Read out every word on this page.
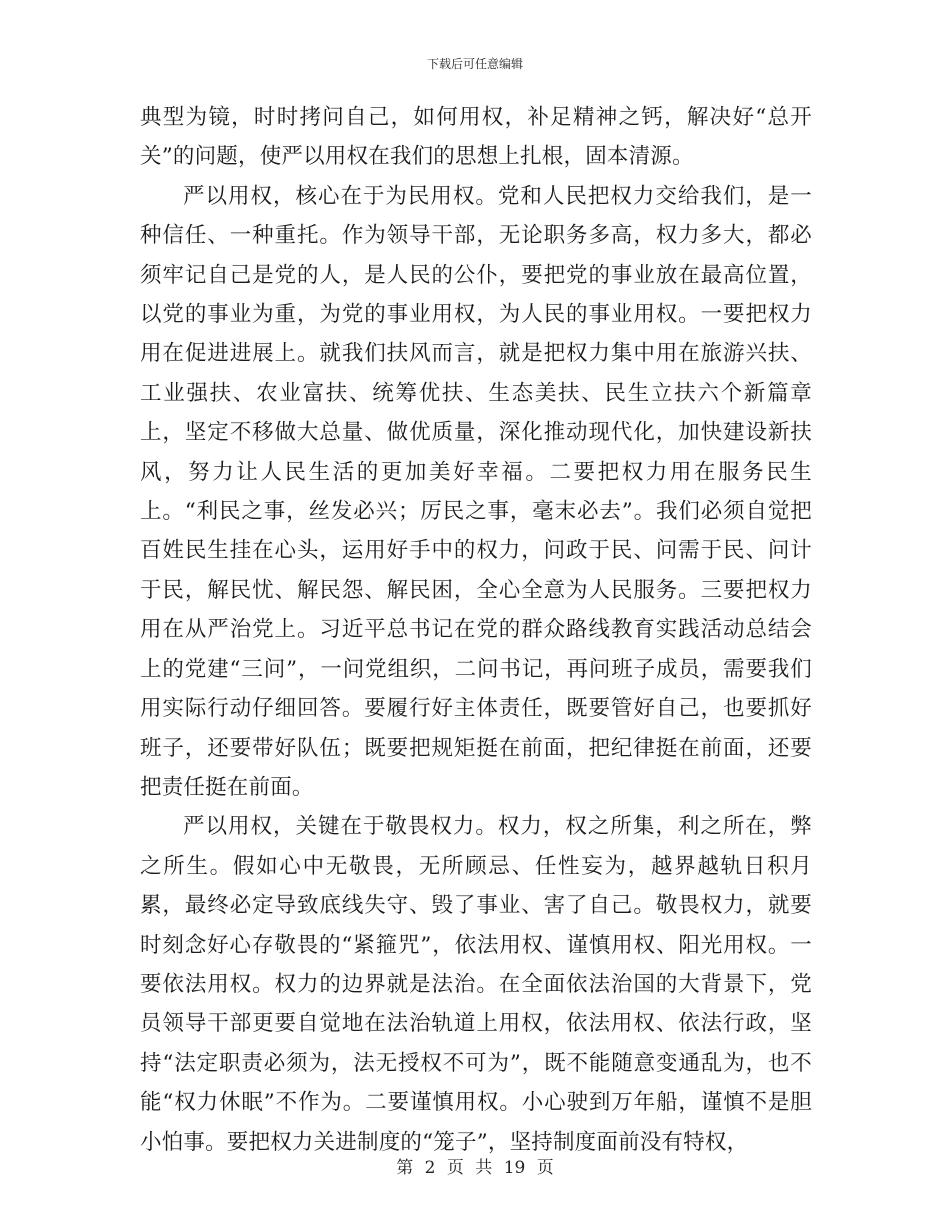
下载后可任意编辑

典型为镜，时时拷问自己，如何用权，补足精神之钙，解决好“总开关”的问题，使严以用权在我们的思想上扎根，固本清源。

严以用权，核心在于为民用权。党和人民把权力交给我们，是一种信任、一种重托。作为领导干部，无论职务多高，权力多大，都必须牢记自己是党的人，是人民的公仆，要把党的事业放在最高位置，以党的事业为重，为党的事业用权，为人民的事业用权。一要把权力用在促进进展上。就我们扶风而言，就是把权力集中用在旅游兴扶、工业强扶、农业富扶、统筹优扶、生态美扶、民生立扶六个新篇章上，坚定不移做大总量、做优质量，深化推动现代化，加快建设新扶风，努力让人民生活的更加美好幸福。二要把权力用在服务民生上。“利民之事，丝发必兴；厉民之事，毫末必去”。我们必须自觉把百姓民生挂在心头，运用好手中的权力，问政于民、问需于民、问计于民，解民忧、解民怨、解民困，全心全意为人民服务。三要把权力用在从严治党上。习近平总书记在党的群众路线教育实践活动总结会上的党建“三问”，一问党组织，二问书记，再问班子成员，需要我们用实际行动仔细回答。要履行好主体责任，既要管好自己，也要抓好班子，还要带好队伍；既要把规矩挺在前面，把纪律挺在前面，还要把责任挺在前面。

严以用权，关键在于敬畏权力。权力，权之所集，利之所在，弊之所生。假如心中无敬畏，无所顾忌、任性妄为，越界越轨日积月累，最终必定导致底线失守、毁了事业、害了自己。敬畏权力，就要时刻念好心存敬畏的“紧箍咒”，依法用权、谨慎用权、阳光用权。一要依法用权。权力的边界就是法治。在全面依法治国的大背景下，党员领导干部更要自觉地在法治轨道上用权，依法用权、依法行政，坚持“法定职责必须为，法无授权不可为”，既不能随意变通乱为，也不能“权力休眠”不作为。二要谨慎用权。小心驶到万年船，谨慎不是胆小怕事。要把权力关进制度的“笼子”，坚持制度面前没有特权，

第 2 页 共 19 页
